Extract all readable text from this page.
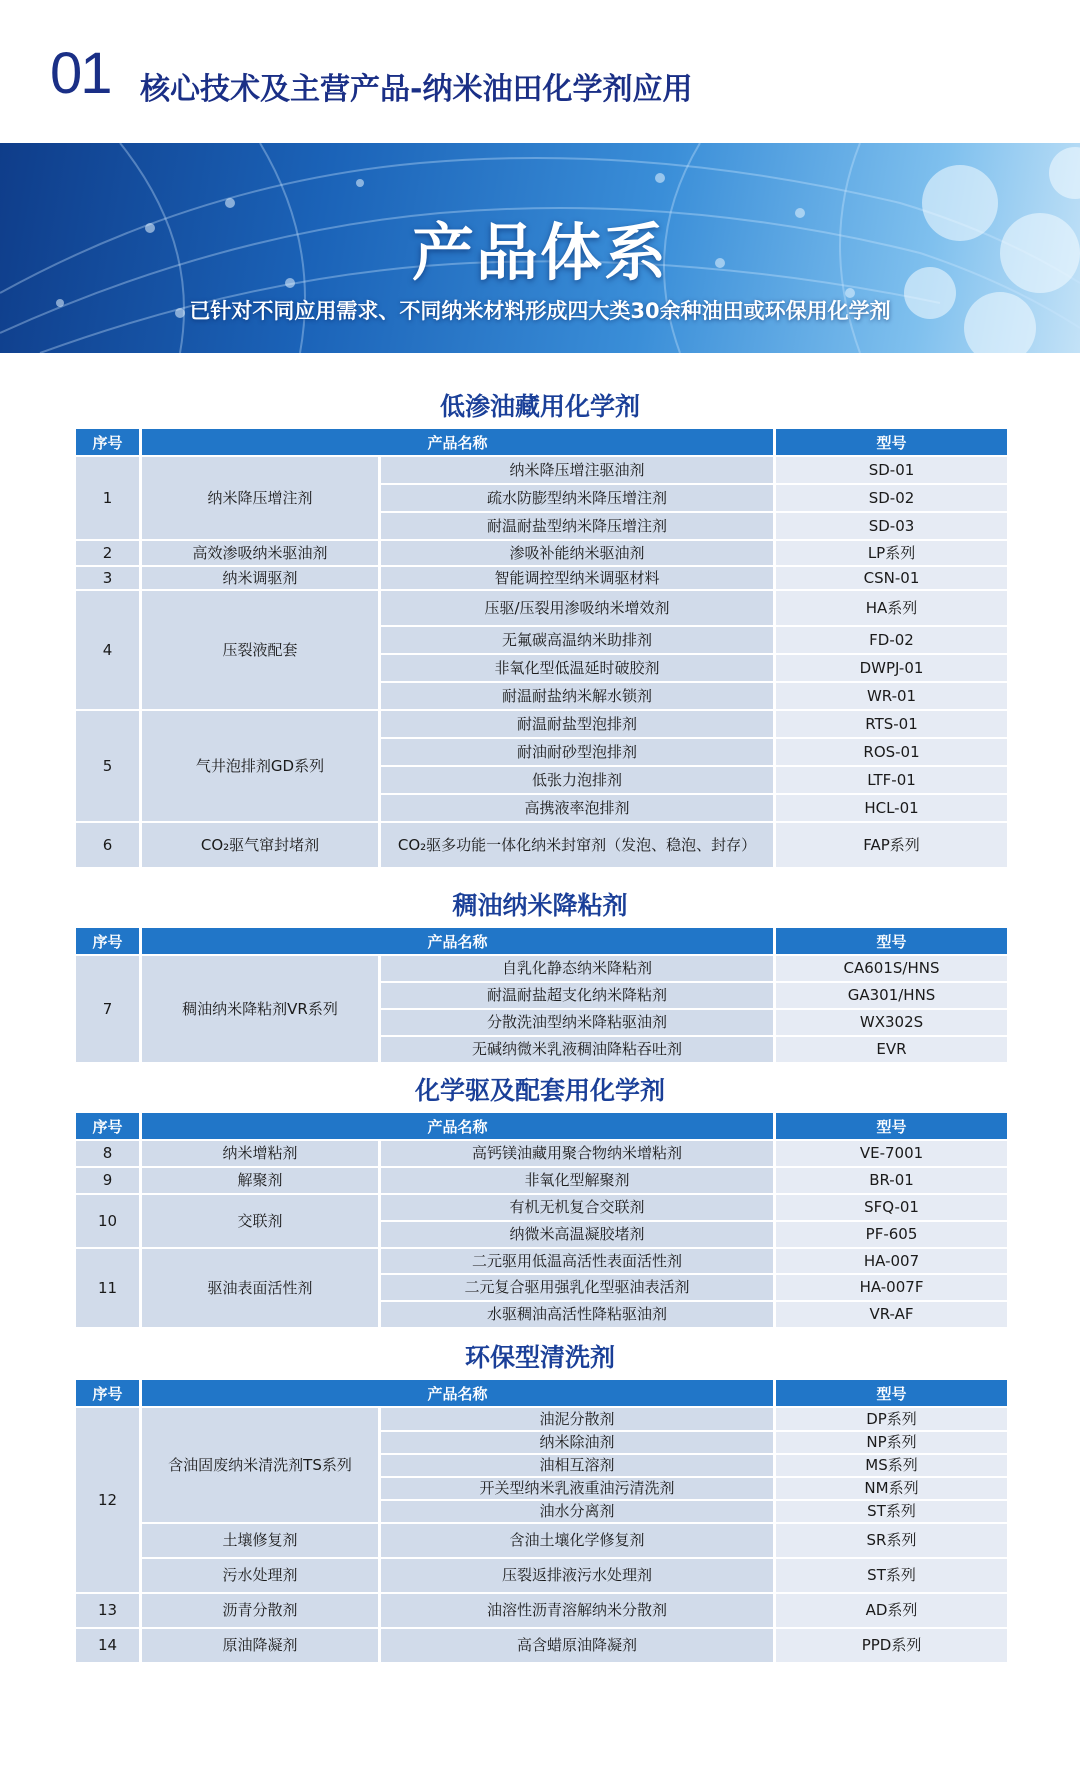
01 核心技术及主营产品-纳米油田化学剂应用
产品体系
已针对不同应用需求、不同纳米材料形成四大类30余种油田或环保用化学剂
低渗油藏用化学剂
序号	产品名称		型号
1	纳米降压增注剂	纳米降压增注驱油剂	SD-01
		疏水防膨型纳米降压增注剂	SD-02
		耐温耐盐型纳米降压增注剂	SD-03
2	高效渗吸纳米驱油剂	渗吸补能纳米驱油剂	LP系列
3	纳米调驱剂	智能调控型纳米调驱材料	CSN-01
4	压裂液配套	压驱/压裂用渗吸纳米增效剂	HA系列
		无氟碳高温纳米助排剂	FD-02
		非氧化型低温延时破胶剂	DWPJ-01
		耐温耐盐纳米解水锁剂	WR-01
5	气井泡排剂GD系列	耐温耐盐型泡排剂	RTS-01
		耐油耐砂型泡排剂	ROS-01
		低张力泡排剂	LTF-01
		高携液率泡排剂	HCL-01
6	CO₂驱气窜封堵剂	CO₂驱多功能一体化纳米封窜剂（发泡、稳泡、封存）	FAP系列
稠油纳米降粘剂
序号	产品名称		型号
7	稠油纳米降粘剂VR系列	自乳化静态纳米降粘剂	CA601S/HNS
		耐温耐盐超支化纳米降粘剂	GA301/HNS
		分散洗油型纳米降粘驱油剂	WX302S
		无碱纳微米乳液稠油降粘吞吐剂	EVR
化学驱及配套用化学剂
序号	产品名称		型号
8	纳米增粘剂	高钙镁油藏用聚合物纳米增粘剂	VE-7001
9	解聚剂	非氧化型解聚剂	BR-01
10	交联剂	有机无机复合交联剂	SFQ-01
		纳微米高温凝胶堵剂	PF-605
11	驱油表面活性剂	二元驱用低温高活性表面活性剂	HA-007
		二元复合驱用强乳化型驱油表活剂	HA-007F
		水驱稠油高活性降粘驱油剂	VR-AF
环保型清洗剂
序号	产品名称		型号
12	含油固废纳米清洗剂TS系列	油泥分散剂	DP系列
		纳米除油剂	NP系列
		油相互溶剂	MS系列
		开关型纳米乳液重油污清洗剂	NM系列
		油水分离剂	ST系列
	土壤修复剂	含油土壤化学修复剂	SR系列
	污水处理剂	压裂返排液污水处理剂	ST系列
13	沥青分散剂	油溶性沥青溶解纳米分散剂	AD系列
14	原油降凝剂	高含蜡原油降凝剂	PPD系列
